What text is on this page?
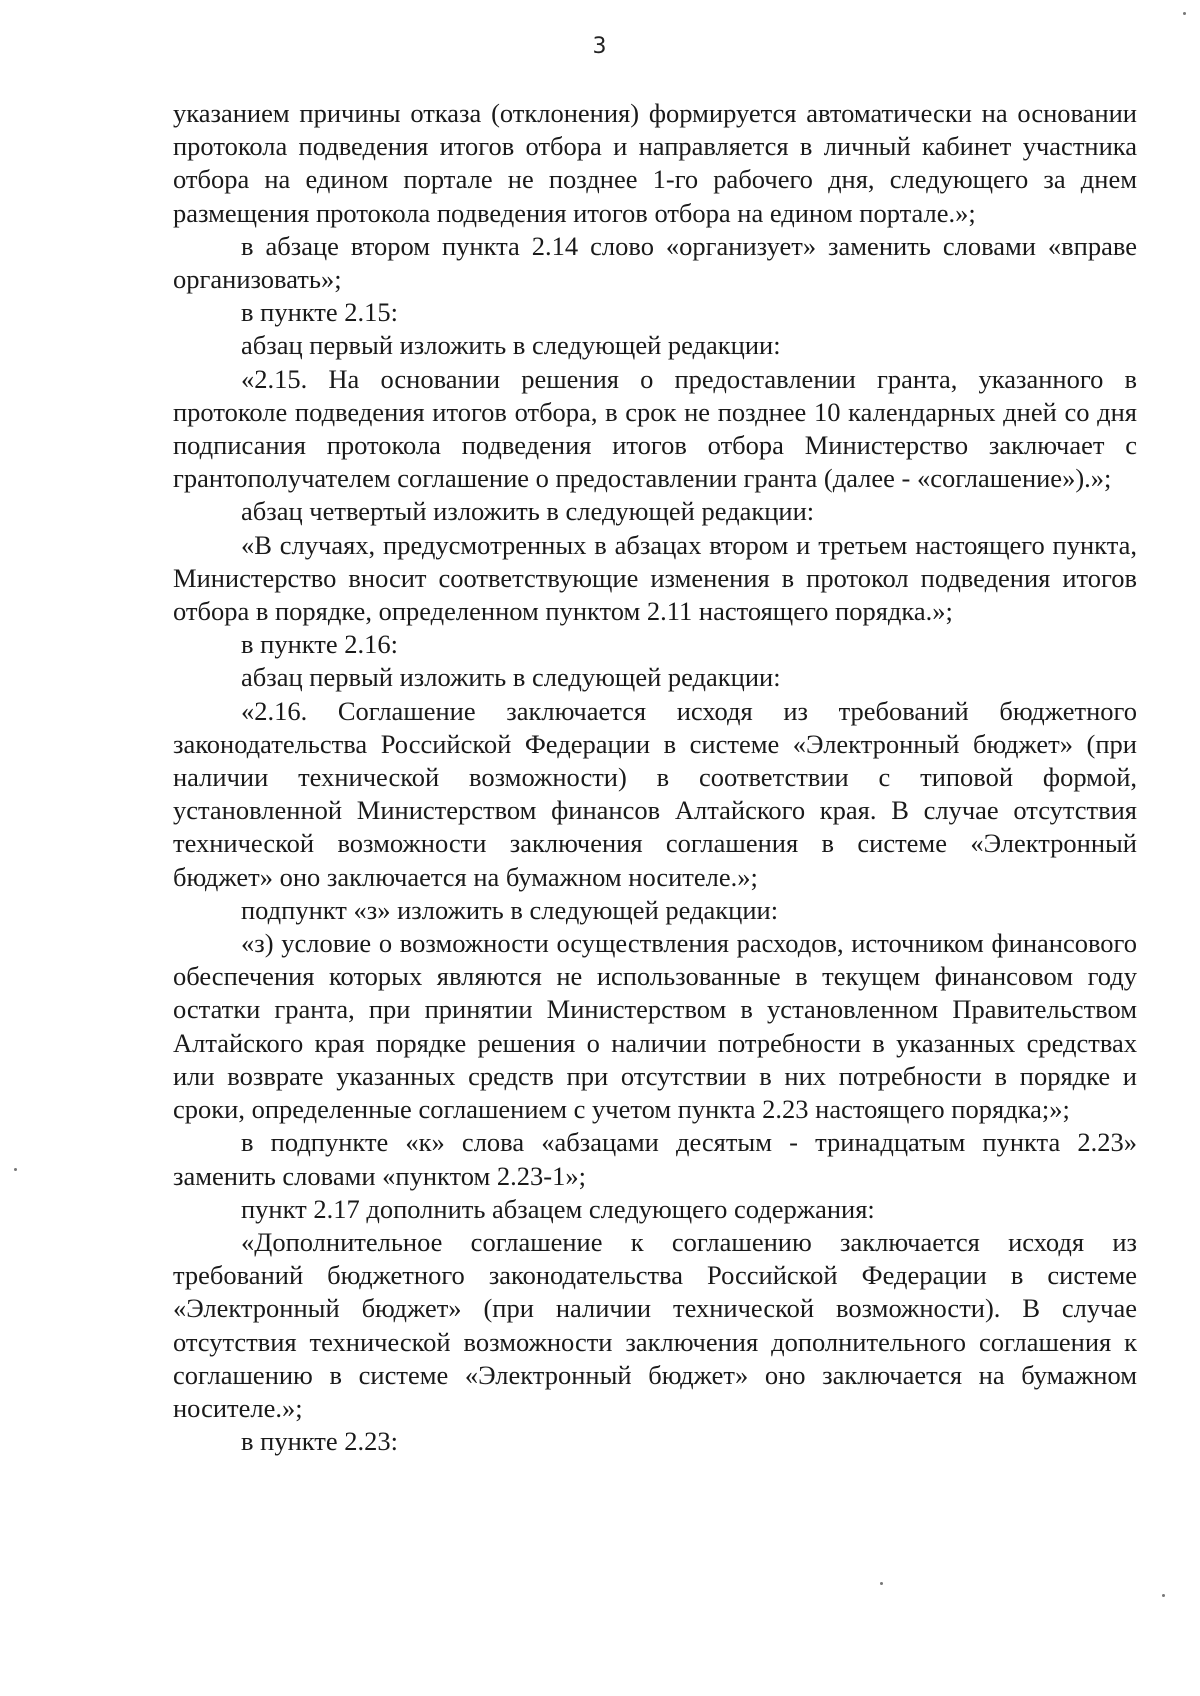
3

указанием причины отказа (отклонения) формируется автоматически на основании протокола подведения итогов отбора и направляется в личный кабинет участника отбора на едином портале не позднее 1-го рабочего дня, следующего за днем размещения протокола подведения итогов отбора на едином портале.»;

в абзаце втором пункта 2.14 слово «организует» заменить словами «вправе организовать»;

в пункте 2.15:

абзац первый изложить в следующей редакции:

«2.15. На основании решения о предоставлении гранта, указанного в протоколе подведения итогов отбора, в срок не позднее 10 календарных дней со дня подписания протокола подведения итогов отбора Министерство заключает с грантополучателем соглашение о предоставлении гранта (далее - «соглашение»).»;

абзац четвертый изложить в следующей редакции:

«В случаях, предусмотренных в абзацах втором и третьем настоящего пункта, Министерство вносит соответствующие изменения в протокол подведения итогов отбора в порядке, определенном пунктом 2.11 настоящего порядка.»;

в пункте 2.16:

абзац первый изложить в следующей редакции:

«2.16. Соглашение заключается исходя из требований бюджетного законодательства Российской Федерации в системе «Электронный бюджет» (при наличии технической возможности) в соответствии с типовой формой, установленной Министерством финансов Алтайского края. В случае отсутствия технической возможности заключения соглашения в системе «Электронный бюджет» оно заключается на бумажном носителе.»;

подпункт «з» изложить в следующей редакции:

«з) условие о возможности осуществления расходов, источником финансового обеспечения которых являются не использованные в текущем финансовом году остатки гранта, при принятии Министерством в установленном Правительством Алтайского края порядке решения о наличии потребности в указанных средствах или возврате указанных средств при отсутствии в них потребности в порядке и сроки, определенные соглашением с учетом пункта 2.23 настоящего порядка;»;

в подпункте «к» слова «абзацами десятым - тринадцатым пункта 2.23» заменить словами «пунктом 2.23-1»;

пункт 2.17 дополнить абзацем следующего содержания:

«Дополнительное соглашение к соглашению заключается исходя из требований бюджетного законодательства Российской Федерации в системе «Электронный бюджет» (при наличии технической возможности). В случае отсутствия технической возможности заключения дополнительного соглашения к соглашению в системе «Электронный бюджет» оно заключается на бумажном носителе.»;

в пункте 2.23:
